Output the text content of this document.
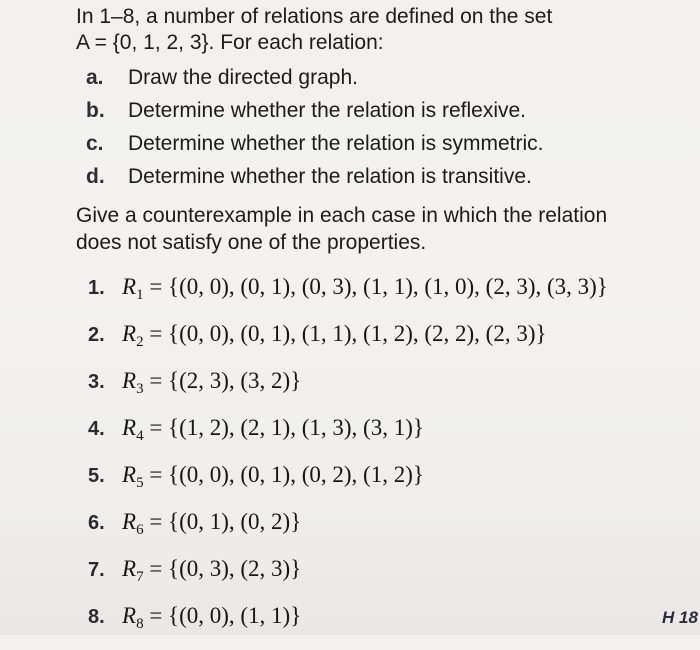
In 1–8, a number of relations are defined on the set
A = {0, 1, 2, 3}. For each relation:
a.	Draw the directed graph.
b.	Determine whether the relation is reflexive.
c.	Determine whether the relation is symmetric.
d.	Determine whether the relation is transitive.
Give a counterexample in each case in which the relation
does not satisfy one of the properties.
1. $R_1 = \{(0$, 0), (0, 1), (0, 3), (1, 1), (1, 0), (2, 3), (3, 3)}
2. $R_2 = \{(0$, 0), (0, 1), (1, 1), (1, 2), (2, 2), (2, 3)}
3. $R_3 = \{(2$, 3), (3, 2)}
4. $R_4 = \{(1$, 2), (2, 1), (1, 3), (3, 1)}
5. $R_5 = \{(0$, 0), (0, 1), (0, 2), (1, 2)}
6. $R_6 = \{(0$, 1), (0, 2)}
7. $R_7 = \{(0$, 3), (2, 3)}
8. $R_8 = \{(0$, 0), (1, 1)}	H 18
